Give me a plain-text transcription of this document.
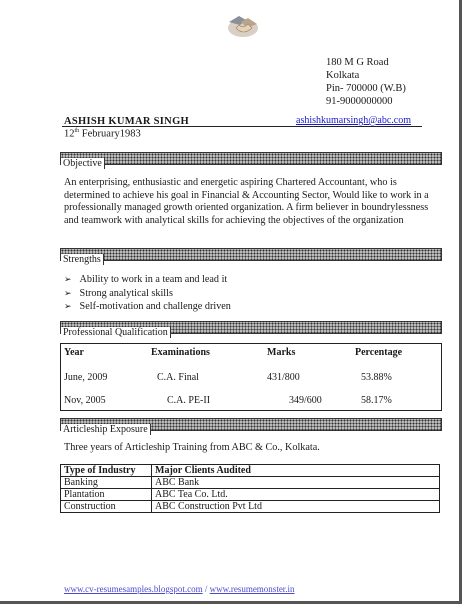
180 M G Road
Kolkata
Pin- 700000 (W.B)
91-9000000000
ASHISH KUMAR SINGH	ashishkumarsingh@abc.com
12th February1983
Objective
An enterprising, enthusiastic and energetic aspiring Chartered Accountant, who is determined to achieve his goal in Financial & Accounting Sector, Would like to work in a professionally managed growth oriented organization. A firm believer in boundrylessness and teamwork with analytical skills for achieving the objectives of the organization
Strengths
➢ Ability to work in a team and lead it
➢ Strong analytical skills
➢ Self-motivation and challenge driven
Professional Qualification
Year	Examinations	Marks	Percentage
June, 2009	C.A. Final	431/800	53.88%
Nov, 2005	C.A. PE-II	349/600	58.17%
Articleship Exposure
Three years of Articleship Training from ABC & Co., Kolkata.
Type of Industry	Major Clients Audited
Banking	ABC Bank
Plantation	ABC Tea Co. Ltd.
Construction	ABC Construction Pvt Ltd
www.cv-resumesamples.blogspot.com / www.resumemonster.in
